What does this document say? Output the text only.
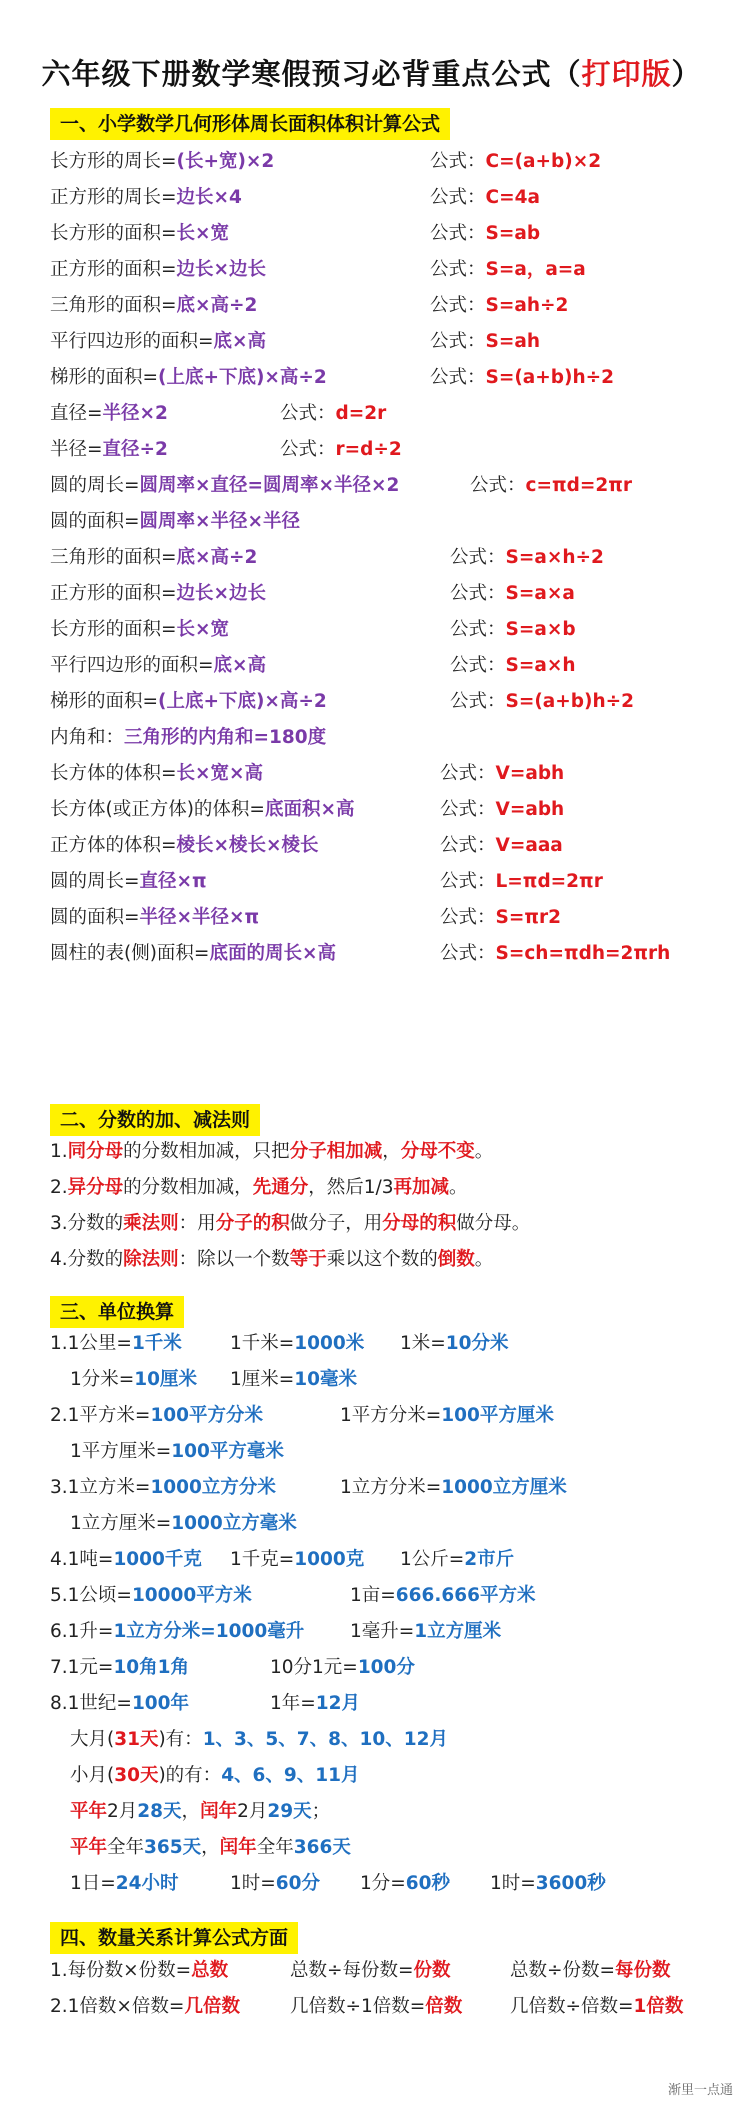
六年级下册数学寒假预习必背重点公式（打印版）
一、小学数学几何形体周长面积体积计算公式
长方形的周长=(长+宽)×2	公式：C=(a+b)×2
正方形的周长=边长×4	公式：C=4a
长方形的面积=长×宽	公式：S=ab
正方形的面积=边长×边长	公式：S=a，a=a
三角形的面积=底×高÷2	公式：S=ah÷2
平行四边形的面积=底×高	公式：S=ah
梯形的面积=(上底+下底)×高÷2	公式：S=(a+b)h÷2
直径=半径×2	公式：d=2r
半径=直径÷2	公式：r=d÷2
圆的周长=圆周率×直径=圆周率×半径×2	公式：c=πd=2πr
圆的面积=圆周率×半径×半径
三角形的面积=底×高÷2	公式：S=a×h÷2
正方形的面积=边长×边长	公式：S=a×a
长方形的面积=长×宽	公式：S=a×b
平行四边形的面积=底×高	公式：S=a×h
梯形的面积=(上底+下底)×高÷2	公式：S=(a+b)h÷2
内角和：三角形的内角和=180度
长方体的体积=长×宽×高	公式：V=abh
长方体(或正方体)的体积=底面积×高	公式：V=abh
正方体的体积=棱长×棱长×棱长	公式：V=aaa
圆的周长=直径×π	公式：L=πd=2πr
圆的面积=半径×半径×π	公式：S=πr2
圆柱的表(侧)面积=底面的周长×高	公式：S=ch=πdh=2πrh
二、分数的加、减法则
1.同分母的分数相加减，只把分子相加减，分母不变。
2.异分母的分数相加减，先通分，然后1/3再加减。
3.分数的乘法则：用分子的积做分子，用分母的积做分母。
4.分数的除法则：除以一个数等于乘以这个数的倒数。
三、单位换算
1.1公里=1千米	1千米=1000米 1米=10分米
1分米=10厘米 1厘米=10毫米
2.1平方米=100平方分米	1平方分米=100平方厘米
1平方厘米=100平方毫米
3.1立方米=1000立方分米	1立方分米=1000立方厘米
1立方厘米=1000立方毫米
4.1吨=1000千克 1千克=1000克 1公斤=2市斤
5.1公顷=10000平方米	1亩=666.666平方米
6.1升=1立方分米=1000毫升 1毫升=1立方厘米
7.1元=10角1角	10分1元=100分
8.1世纪=100年	1年=12月
大月(31天)有：1、3、5、7、8、10、12月
小月(30天)的有：4、6、9、11月
平年2月28天，闰年2月29天；
平年全年365天，闰年全年366天
1日=24小时	1时=60分 1分=60秒 1时=3600秒
四、数量关系计算公式方面
1.每份数×份数=总数	总数÷每份数=份数	总数÷份数=每份数
2.1倍数×倍数=几倍数	几倍数÷1倍数=倍数	几倍数÷倍数=1倍数
渐里一点通
